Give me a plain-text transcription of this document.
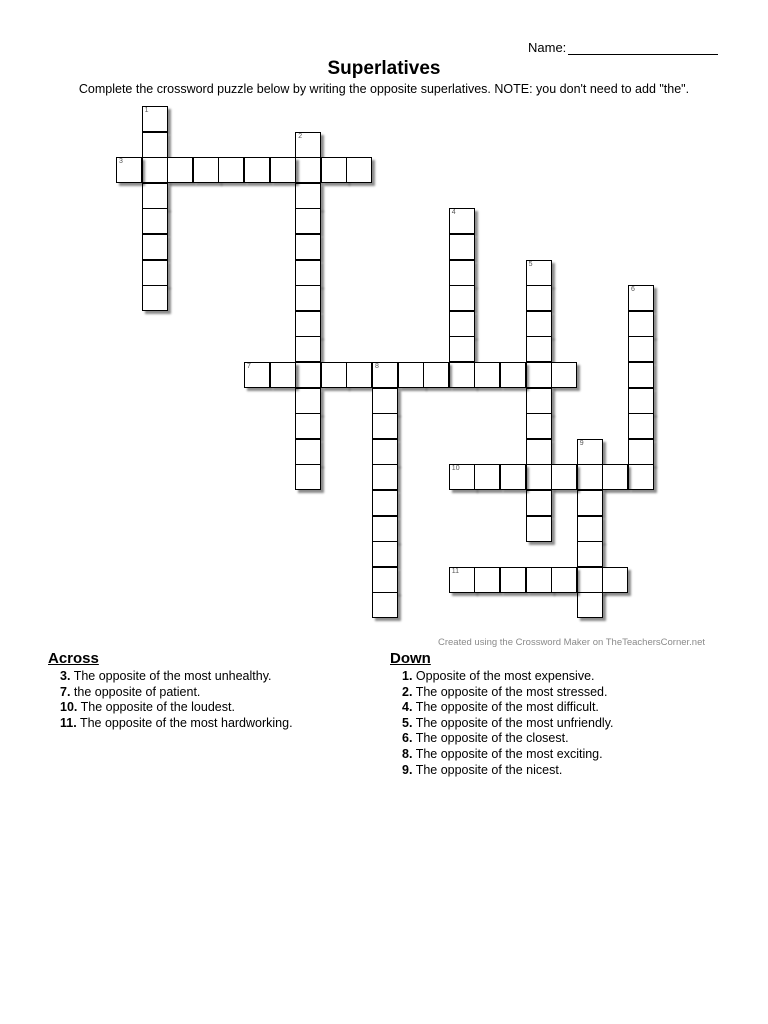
Name:
Superlatives
Complete the crossword puzzle below by writing the opposite superlatives. NOTE: you don't need to add "the".
1
2
3
4
5
6
7	8
9
10
11
Created using the Crossword Maker on TheTeachersCorner.net
Across
3. The opposite of the most unhealthy.
7. the opposite of patient.
10. The opposite of the loudest.
11. The opposite of the most hardworking.
Down
1. Opposite of the most expensive.
2. The opposite of the most stressed.
4. The opposite of the most difficult.
5. The opposite of the most unfriendly.
6. The opposite of the closest.
8. The opposite of the most exciting.
9. The opposite of the nicest.
